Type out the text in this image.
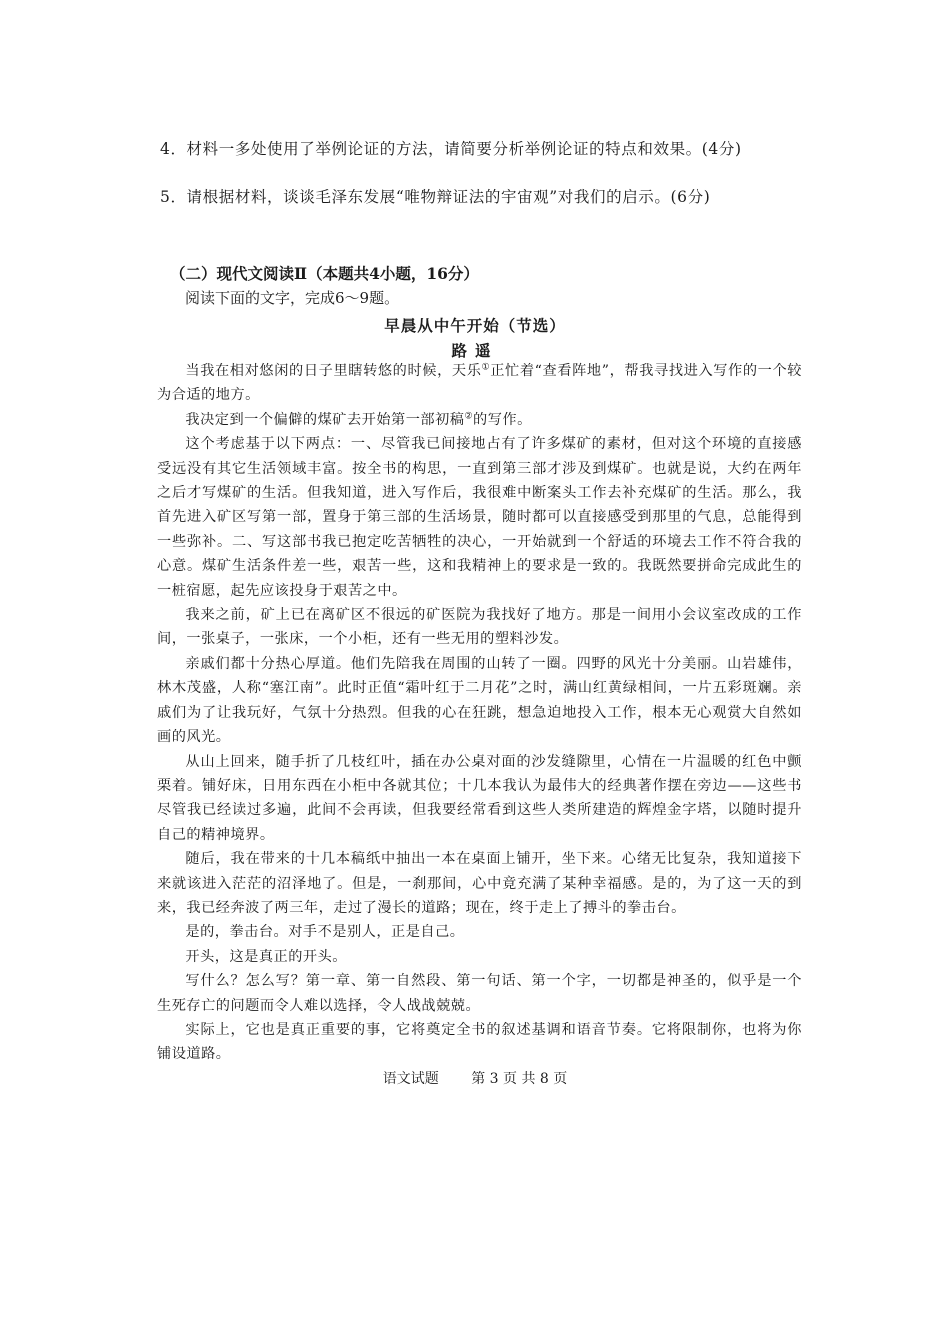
4．材料一多处使用了举例论证的方法，请简要分析举例论证的特点和效果。(4分)
5．请根据材料，谈谈毛泽东发展“唯物辩证法的宇宙观”对我们的启示。(6分)
（二）现代文阅读Ⅱ（本题共4小题，16分）
阅读下面的文字，完成6～9题。
早晨从中午开始（节选）
路遥

当我在相对悠闲的日子里瞎转悠的时候，天乐①正忙着“查看阵地”，帮我寻找进入写作的一个较为合适的地方。

我决定到一个偏僻的煤矿去开始第一部初稿②的写作。

这个考虑基于以下两点：一、尽管我已间接地占有了许多煤矿的素材，但对这个环境的直接感受远没有其它生活领域丰富。按全书的构思，一直到第三部才涉及到煤矿。也就是说，大约在两年之后才写煤矿的生活。但我知道，进入写作后，我很难中断案头工作去补充煤矿的生活。那么，我首先进入矿区写第一部，置身于第三部的生活场景，随时都可以直接感受到那里的气息，总能得到一些弥补。二、写这部书我已抱定吃苦牺牲的决心，一开始就到一个舒适的环境去工作不符合我的心意。煤矿生活条件差一些，艰苦一些，这和我精神上的要求是一致的。我既然要拼命完成此生的一桩宿愿，起先应该投身于艰苦之中。

我来之前，矿上已在离矿区不很远的矿医院为我找好了地方。那是一间用小会议室改成的工作间，一张桌子，一张床，一个小柜，还有一些无用的塑料沙发。

亲戚们都十分热心厚道。他们先陪我在周围的山转了一圈。四野的风光十分美丽。山岩雄伟，林木茂盛，人称“塞江南”。此时正值“霜叶红于二月花”之时，满山红黄绿相间，一片五彩斑斓。亲戚们为了让我玩好，气氛十分热烈。但我的心在狂跳，想急迫地投入工作，根本无心观赏大自然如画的风光。

从山上回来，随手折了几枝红叶，插在办公桌对面的沙发缝隙里，心情在一片温暖的红色中颤栗着。铺好床，日用东西在小柜中各就其位；十几本我认为最伟大的经典著作摆在旁边——这些书尽管我已经读过多遍，此间不会再读，但我要经常看到这些人类所建造的辉煌金字塔，以随时提升自己的精神境界。

随后，我在带来的十几本稿纸中抽出一本在桌面上铺开，坐下来。心绪无比复杂，我知道接下来就该进入茫茫的沼泽地了。但是，一刹那间，心中竟充满了某种幸福感。是的，为了这一天的到来，我已经奔波了两三年，走过了漫长的道路；现在，终于走上了搏斗的拳击台。

是的，拳击台。对手不是别人，正是自己。

开头，这是真正的开头。

写什么？怎么写？第一章、第一自然段、第一句话、第一个字，一切都是神圣的，似乎是一个生死存亡的问题而令人难以选择，令人战战兢兢。

实际上，它也是真正重要的事，它将奠定全书的叙述基调和语音节奏。它将限制你，也将为你铺设道路。

语文试题 第 3 页 共 8 页
